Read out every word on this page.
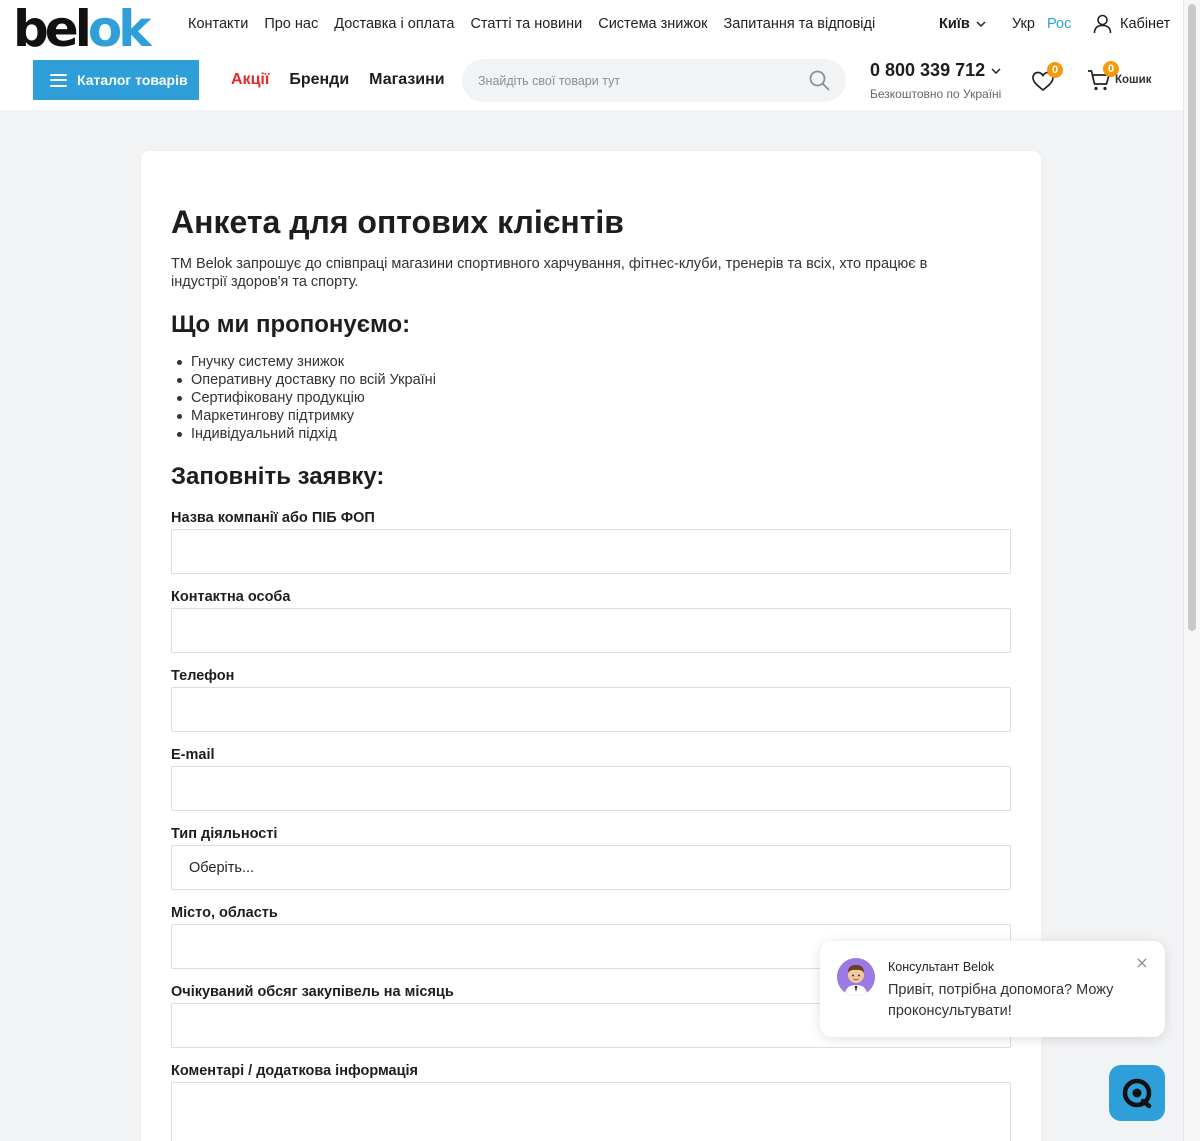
bel ok	Контакти Про нас Доставка і оплата Статті та новини Система знижок Запитання та відповіді	Київ	Укр Рос	Кабінет
Каталог товарів	Акції Бренди Магазини
Знайдіть свої товари тут	0 800 339 712
Безкоштовно по Україні
0
Кошик
0
Анкета для оптових клієнтів

ТМ Belok запрошує до співпраці магазини спортивного харчування, фітнес-клуби, тренерів та всіх, хто працює в індустрії здоров'я та спорту.

Що ми пропонуємо:
Гнучку систему знижок
Оперативну доставку по всій Україні
Сертифіковану продукцію
Маркетингову підтримку
Індивідуальний підхід
Заповніть заявку:
Назва компанії або ПІБ ФОП
Контактна особа
Телефон
E-mail
Тип діяльності
Оберіть...
Місто, область
Очікуваний обсяг закупівель на місяць
Коментарі / додаткова інформація
Консультант Belok
Привіт, потрібна допомога? Можу проконсультувати!
